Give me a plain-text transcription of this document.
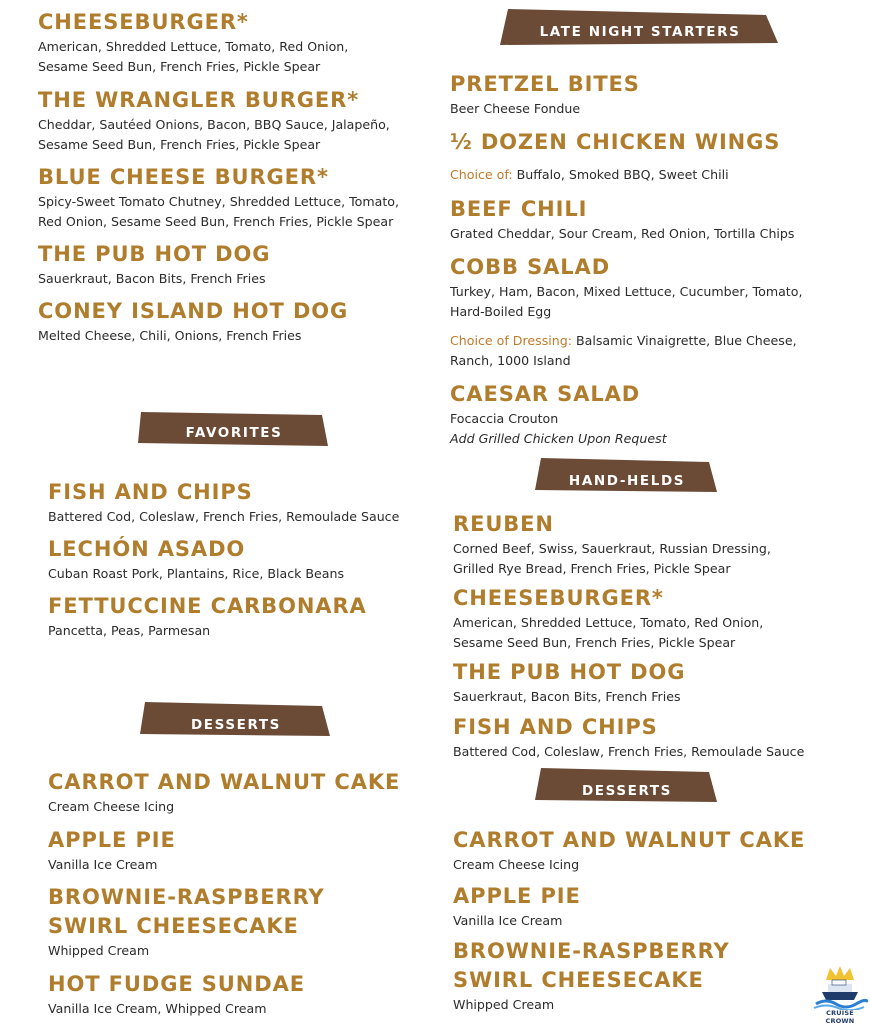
CHEESEBURGER*
American, Shredded Lettuce, Tomato, Red Onion,
Sesame Seed Bun, French Fries, Pickle Spear
THE WRANGLER BURGER*
Cheddar, Sautéed Onions, Bacon, BBQ Sauce, Jalapeño,
Sesame Seed Bun, French Fries, Pickle Spear
BLUE CHEESE BURGER*
Spicy-Sweet Tomato Chutney, Shredded Lettuce, Tomato,
Red Onion, Sesame Seed Bun, French Fries, Pickle Spear
THE PUB HOT DOG
Sauerkraut, Bacon Bits, French Fries
CONEY ISLAND HOT DOG
Melted Cheese, Chili, Onions, French Fries
FAVORITES
FISH AND CHIPS
Battered Cod, Coleslaw, French Fries, Remoulade Sauce
LECHÓN ASADO
Cuban Roast Pork, Plantains, Rice, Black Beans
FETTUCCINE CARBONARA
Pancetta, Peas, Parmesan
DESSERTS
CARROT AND WALNUT CAKE
Cream Cheese Icing
APPLE PIE
Vanilla Ice Cream
BROWNIE-RASPBERRY SWIRL CHEESECAKE
Whipped Cream
HOT FUDGE SUNDAE
Vanilla Ice Cream, Whipped Cream
LATE NIGHT STARTERS
PRETZEL BITES
Beer Cheese Fondue
½ DOZEN CHICKEN WINGS
Choice of: Buffalo, Smoked BBQ, Sweet Chili
BEEF CHILI
Grated Cheddar, Sour Cream, Red Onion, Tortilla Chips
COBB SALAD
Turkey, Ham, Bacon, Mixed Lettuce, Cucumber, Tomato,
Hard-Boiled Egg
Choice of Dressing: Balsamic Vinaigrette, Blue Cheese,
Ranch, 1000 Island
CAESAR SALAD
Focaccia Crouton
Add Grilled Chicken Upon Request
HAND-HELDS
REUBEN
Corned Beef, Swiss, Sauerkraut, Russian Dressing,
Grilled Rye Bread, French Fries, Pickle Spear
CHEESEBURGER*
American, Shredded Lettuce, Tomato, Red Onion,
Sesame Seed Bun, French Fries, Pickle Spear
THE PUB HOT DOG
Sauerkraut, Bacon Bits, French Fries
FISH AND CHIPS
Battered Cod, Coleslaw, French Fries, Remoulade Sauce
DESSERTS
CARROT AND WALNUT CAKE
Cream Cheese Icing
APPLE PIE
Vanilla Ice Cream
BROWNIE-RASPBERRY SWIRL CHEESECAKE
Whipped Cream
CRUISE CROWN
